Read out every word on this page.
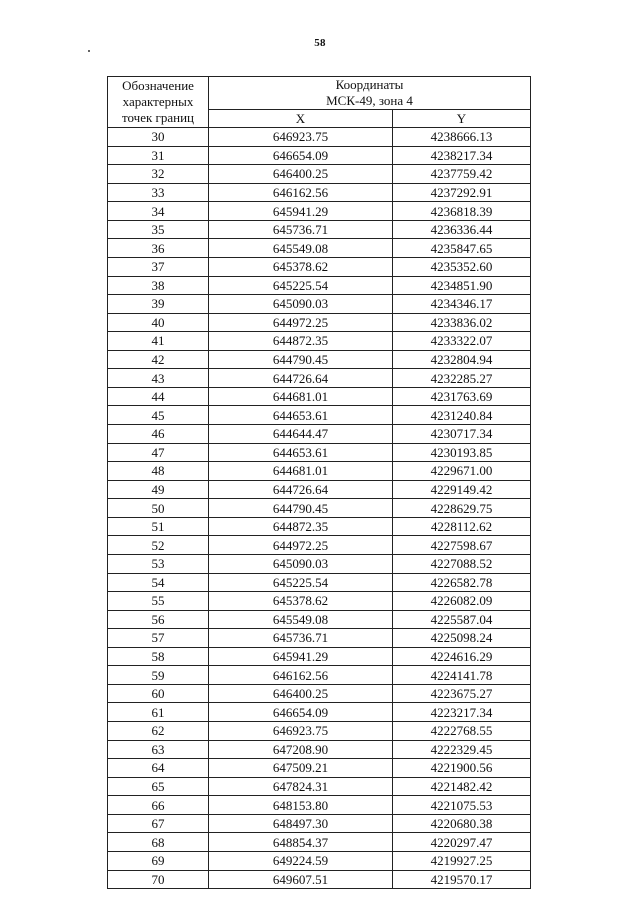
58
Обозначение
характерных
точек границ	Координаты
МСК-49, зона 4	
	X	Y
30	646923.75	4238666.13
31	646654.09	4238217.34
32	646400.25	4237759.42
33	646162.56	4237292.91
34	645941.29	4236818.39
35	645736.71	4236336.44
36	645549.08	4235847.65
37	645378.62	4235352.60
38	645225.54	4234851.90
39	645090.03	4234346.17
40	644972.25	4233836.02
41	644872.35	4233322.07
42	644790.45	4232804.94
43	644726.64	4232285.27
44	644681.01	4231763.69
45	644653.61	4231240.84
46	644644.47	4230717.34
47	644653.61	4230193.85
48	644681.01	4229671.00
49	644726.64	4229149.42
50	644790.45	4228629.75
51	644872.35	4228112.62
52	644972.25	4227598.67
53	645090.03	4227088.52
54	645225.54	4226582.78
55	645378.62	4226082.09
56	645549.08	4225587.04
57	645736.71	4225098.24
58	645941.29	4224616.29
59	646162.56	4224141.78
60	646400.25	4223675.27
61	646654.09	4223217.34
62	646923.75	4222768.55
63	647208.90	4222329.45
64	647509.21	4221900.56
65	647824.31	4221482.42
66	648153.80	4221075.53
67	648497.30	4220680.38
68	648854.37	4220297.47
69	649224.59	4219927.25
70	649607.51	4219570.17
